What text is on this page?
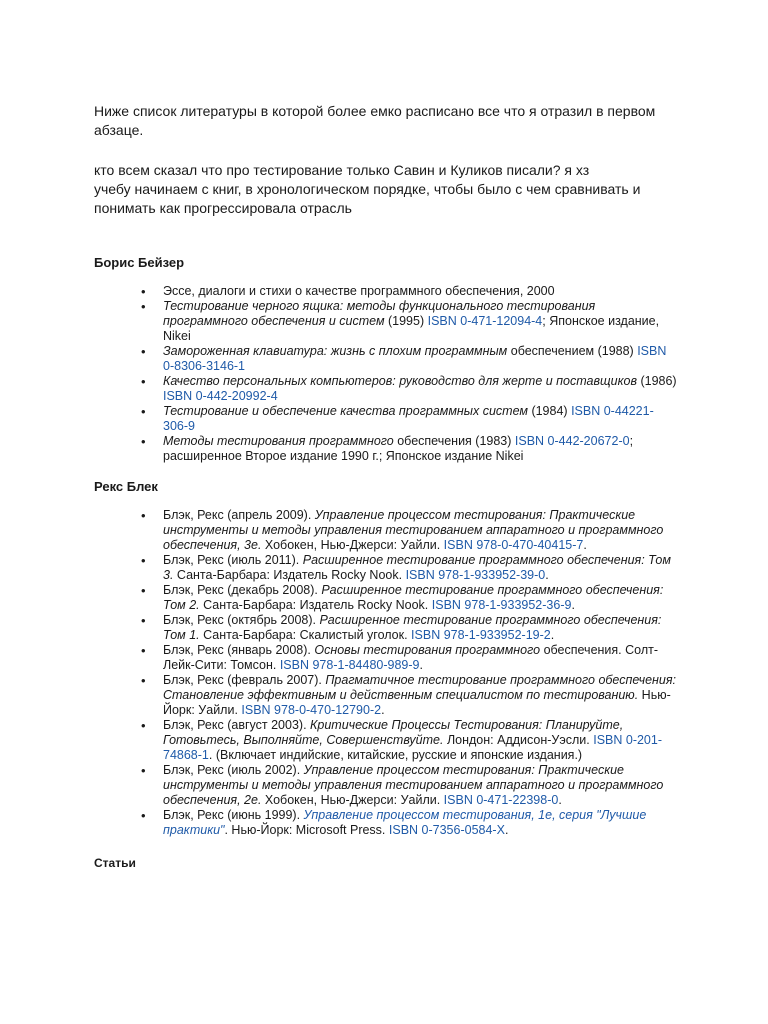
Ниже список литературы в которой более емко расписано все что я отразил в первом абзаце.

кто всем сказал что про тестирование только Савин и Куликов писали? я хз

учебу начинаем с книг, в хронологическом порядке, чтобы было с чем сравнивать и понимать как прогрессировала отрасль

Борис Бейзер
• Эссе, диалоги и стихи о качестве программного обеспечения, 2000
• Тестирование черного ящика: методы функционального тестирования программного обеспечения и систем (1995) ISBN 0-471-12094-4; Японское издание, Nikei
• Замороженная клавиатура: жизнь с плохим программным обеспечением (1988) ISBN 0-8306-3146-1
• Качество персональных компьютеров: руководство для жерте и поставщиков (1986) ISBN 0-442-20992-4
• Тестирование и обеспечение качества программных систем (1984) ISBN 0-44221-306-9
• Методы тестирования программного обеспечения (1983) ISBN 0-442-20672-0; расширенное Второе издание 1990 г.; Японское издание Nikei
Рекс Блек
• Блэк, Рекс (апрель 2009). Управление процессом тестирования: Практические инструменты и методы управления тестированием аппаратного и программного обеспечения, 3е. Хобокен, Нью-Джерси: Уайли. ISBN 978-0-470-40415-7.
• Блэк, Рекс (июль 2011). Расширенное тестирование программного обеспечения: Том 3. Санта-Барбара: Издатель Rocky Nook. ISBN 978-1-933952-39-0.
• Блэк, Рекс (декабрь 2008). Расширенное тестирование программного обеспечения: Том 2. Санта-Барбара: Издатель Rocky Nook. ISBN 978-1-933952-36-9.
• Блэк, Рекс (октябрь 2008). Расширенное тестирование программного обеспечения: Том 1. Санта-Барбара: Скалистый уголок. ISBN 978-1-933952-19-2.
• Блэк, Рекс (январь 2008). Основы тестирования программного обеспечения. Солт-Лейк-Сити: Томсон. ISBN 978-1-84480-989-9.
• Блэк, Рекс (февраль 2007). Прагматичное тестирование программного обеспечения: Становление эффективным и действенным специалистом по тестированию. Нью-Йорк: Уайли. ISBN 978-0-470-12790-2.
• Блэк, Рекс (август 2003). Критические Процессы Тестирования: Планируйте, Готовьтесь, Выполняйте, Совершенствуйте. Лондон: Аддисон-Уэсли. ISBN 0-201-74868-1. (Включает индийские, китайские, русские и японские издания.)
• Блэк, Рекс (июль 2002). Управление процессом тестирования: Практические инструменты и методы управления тестированием аппаратного и программного обеспечения, 2е. Хобокен, Нью-Джерси: Уайли. ISBN 0-471-22398-0.
• Блэк, Рекс (июнь 1999). Управление процессом тестирования, 1е, серия "Лучшие практики". Нью-Йорк: Microsoft Press. ISBN 0-7356-0584-X.
Статьи
